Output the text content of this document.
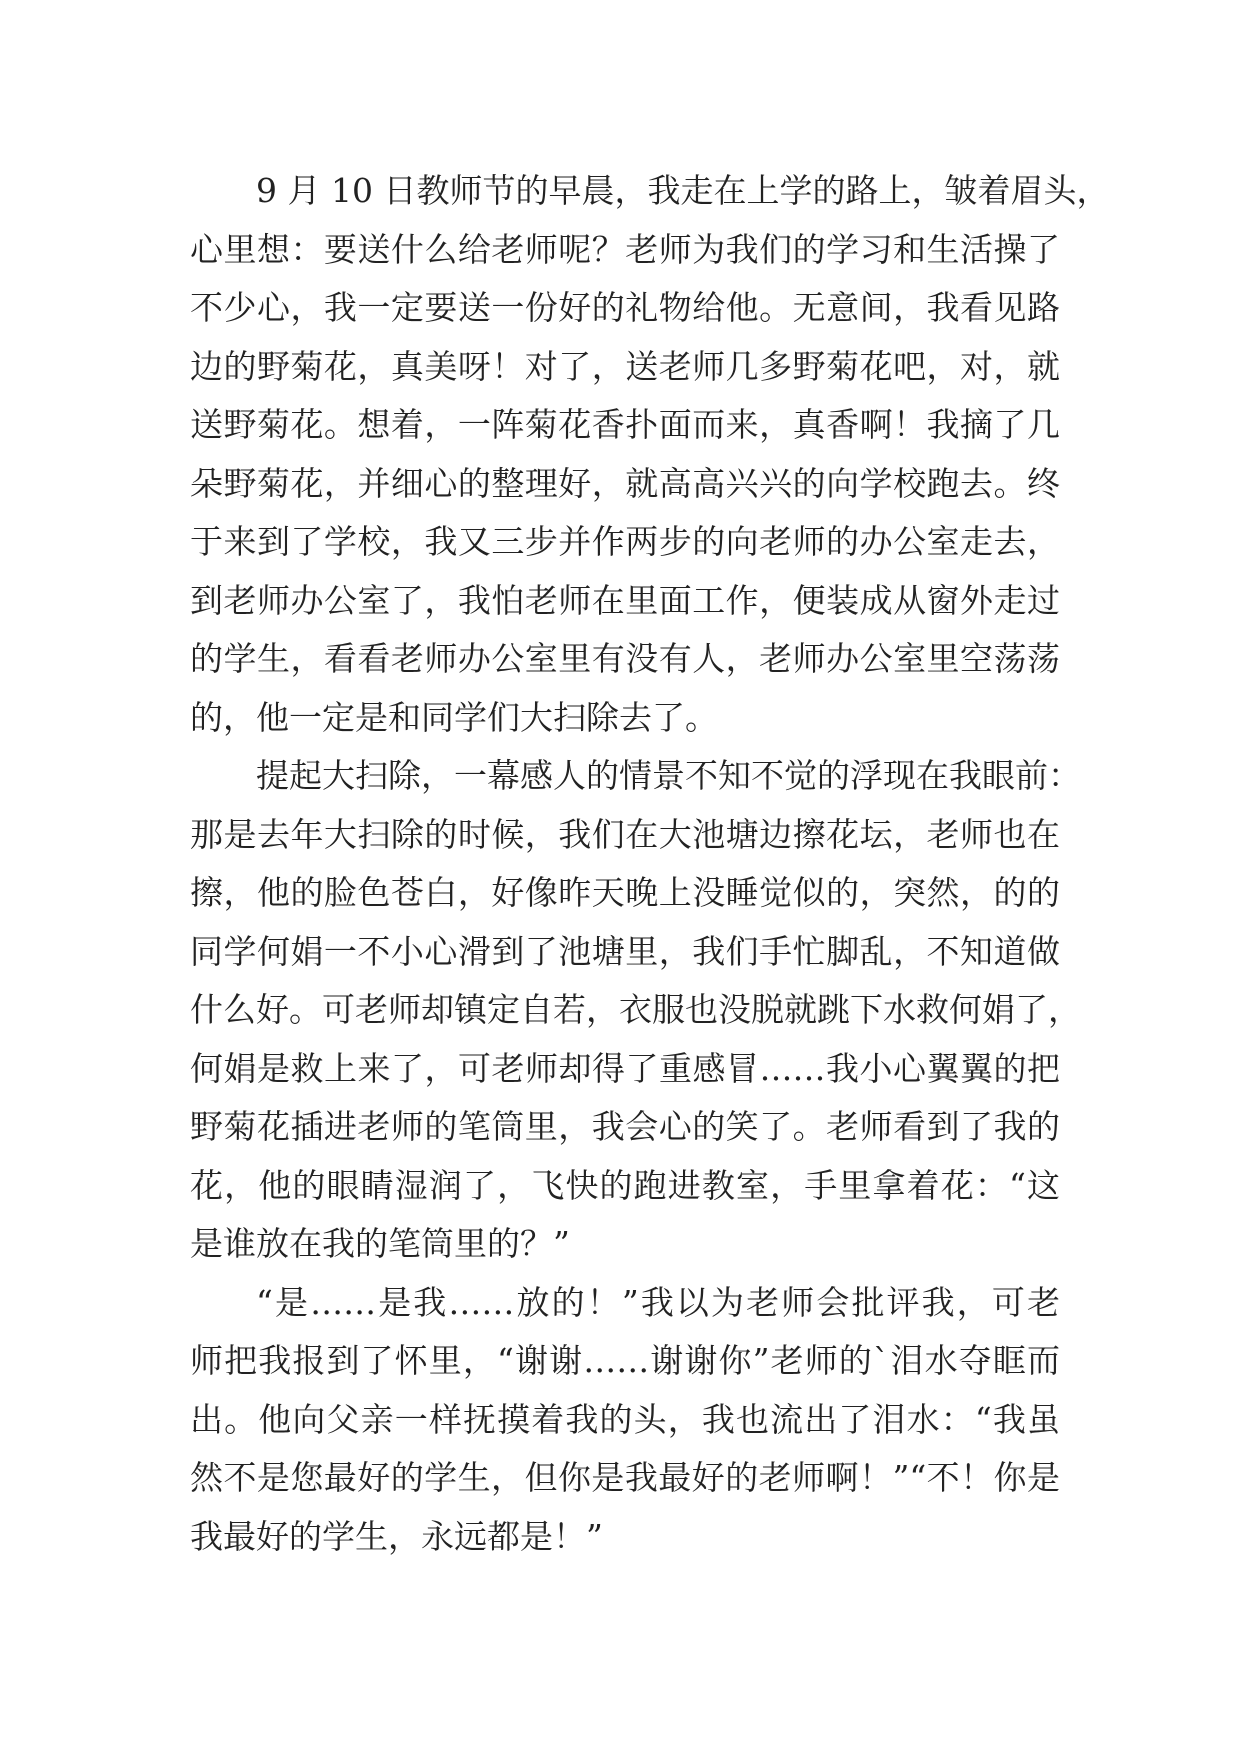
9 月 10 日教师节的早晨，我走在上学的路上，皱着眉头，
心里想：要送什么给老师呢？老师为我们的学习和生活操了
不少心，我一定要送一份好的礼物给他。无意间，我看见路
边的野菊花，真美呀！对了，送老师几多野菊花吧，对，就
送野菊花。想着，一阵菊花香扑面而来，真香啊！我摘了几
朵野菊花，并细心的整理好，就高高兴兴的向学校跑去。终
于来到了学校，我又三步并作两步的向老师的办公室走去，
到老师办公室了，我怕老师在里面工作，便装成从窗外走过
的学生，看看老师办公室里有没有人，老师办公室里空荡荡
的，他一定是和同学们大扫除去了。
提起大扫除，一幕感人的情景不知不觉的浮现在我眼前：
那是去年大扫除的时候，我们在大池塘边擦花坛，老师也在
擦，他的脸色苍白，好像昨天晚上没睡觉似的，突然，的的
同学何娟一不小心滑到了池塘里，我们手忙脚乱，不知道做
什么好。可老师却镇定自若，衣服也没脱就跳下水救何娟了，
何娟是救上来了，可老师却得了重感冒……我小心翼翼的把
野菊花插进老师的笔筒里，我会心的笑了。老师看到了我的
花，他的眼睛湿润了，飞快的跑进教室，手里拿着花：“这
是谁放在我的笔筒里的？”
“是……是我……放的！”我以为老师会批评我，可老
师把我报到了怀里，“谢谢……谢谢你”老师的`泪水夺眶而
出。他向父亲一样抚摸着我的头，我也流出了泪水：“我虽
然不是您最好的学生，但你是我最好的老师啊！”“不！你是
我最好的学生，永远都是！”
